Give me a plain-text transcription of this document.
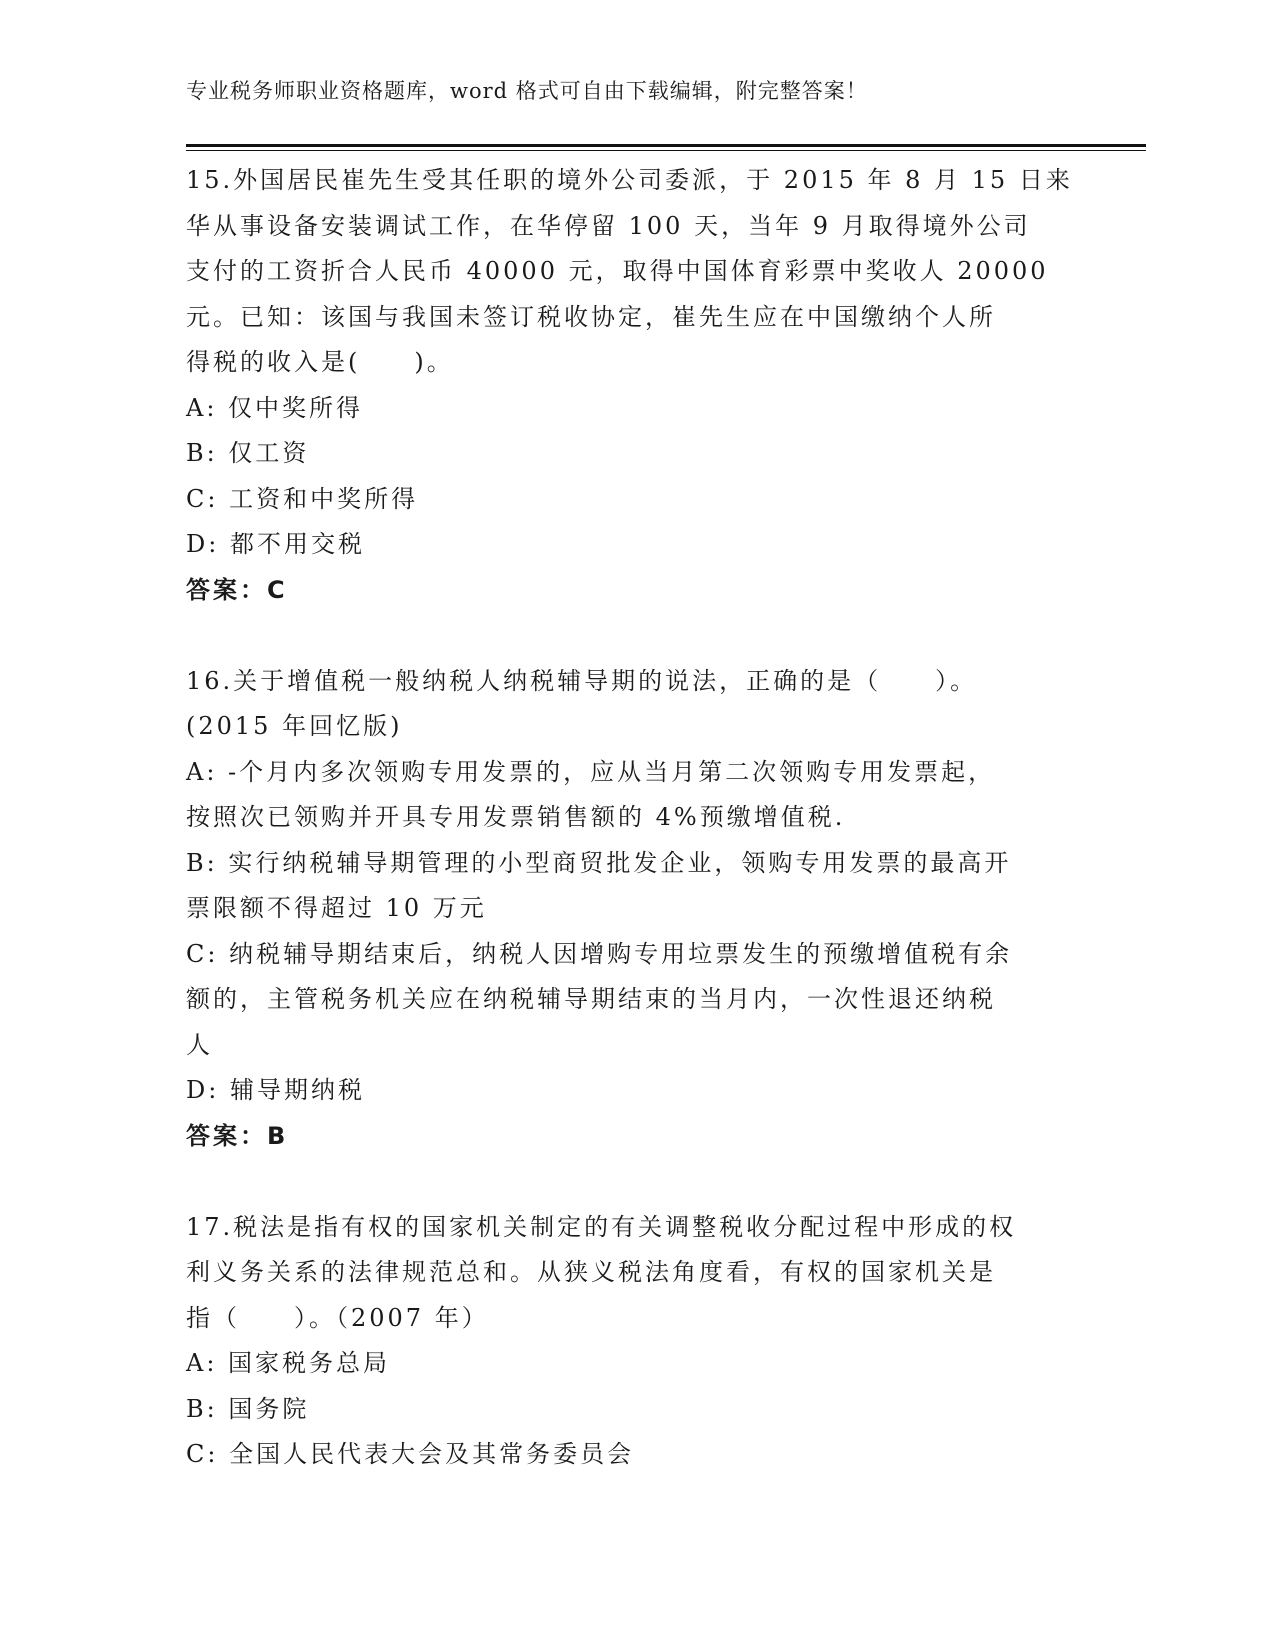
专业税务师职业资格题库，word 格式可自由下载编辑，附完整答案！
15.外国居民崔先生受其任职的境外公司委派，于 2015 年 8 月 15 日来
华从事设备安装调试工作，在华停留 100 天，当年 9 月取得境外公司
支付的工资折合人民币 40000 元，取得中国体育彩票中奖收人 20000
元。已知：该国与我国未签订税收协定，崔先生应在中国缴纳个人所
得税的收入是(　　)。
A: 仅中奖所得
B: 仅工资
C: 工资和中奖所得
D: 都不用交税
答案：C
16.关于增值税一般纳税人纳税辅导期的说法，正确的是（　　）。
(2015 年回忆版)
A: -个月内多次领购专用发票的，应从当月第二次领购专用发票起，
按照次已领购并开具专用发票销售额的 4%预缴增值税.
B: 实行纳税辅导期管理的小型商贸批发企业，领购专用发票的最高开
票限额不得超过 10 万元
C: 纳税辅导期结束后，纳税人因增购专用垃票发生的预缴增值税有余
额的，主管税务机关应在纳税辅导期结束的当月内，一次性退还纳税
人
D: 辅导期纳税
答案：B
17.税法是指有权的国家机关制定的有关调整税收分配过程中形成的权
利义务关系的法律规范总和。从狭义税法角度看，有权的国家机关是
指（　　）。（2007 年）
A: 国家税务总局
B: 国务院
C: 全国人民代表大会及其常务委员会
